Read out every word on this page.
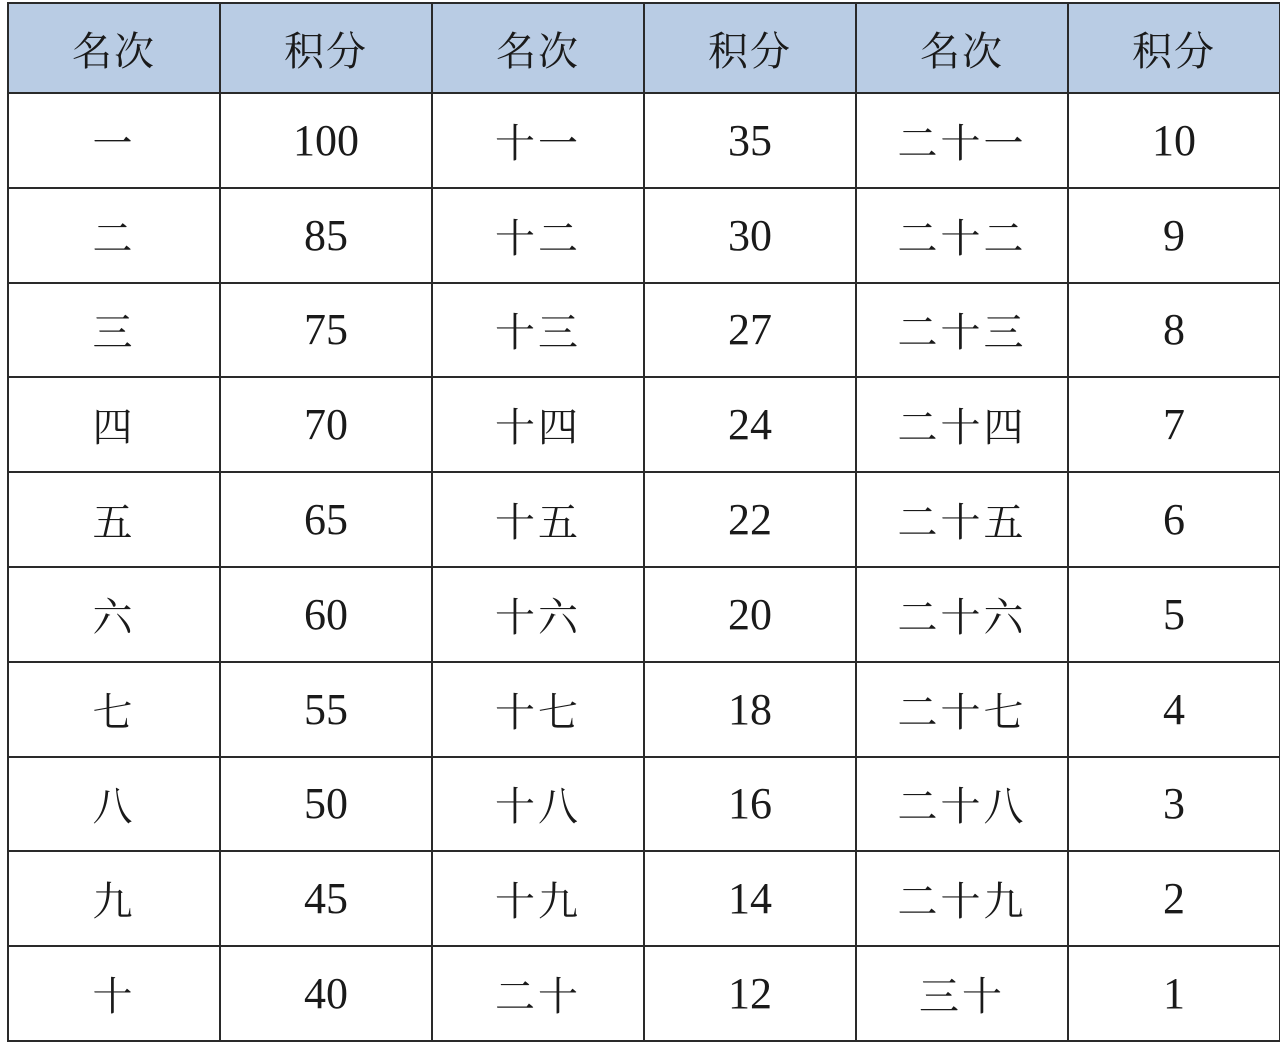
名次	积分	名次	积分	名次	积分
一	100	十一	35	二十一	10
二	85	十二	30	二十二	9
三	75	十三	27	二十三	8
四	70	十四	24	二十四	7
五	65	十五	22	二十五	6
六	60	十六	20	二十六	5
七	55	十七	18	二十七	4
八	50	十八	16	二十八	3
九	45	十九	14	二十九	2
十	40	二十	12	三十	1
